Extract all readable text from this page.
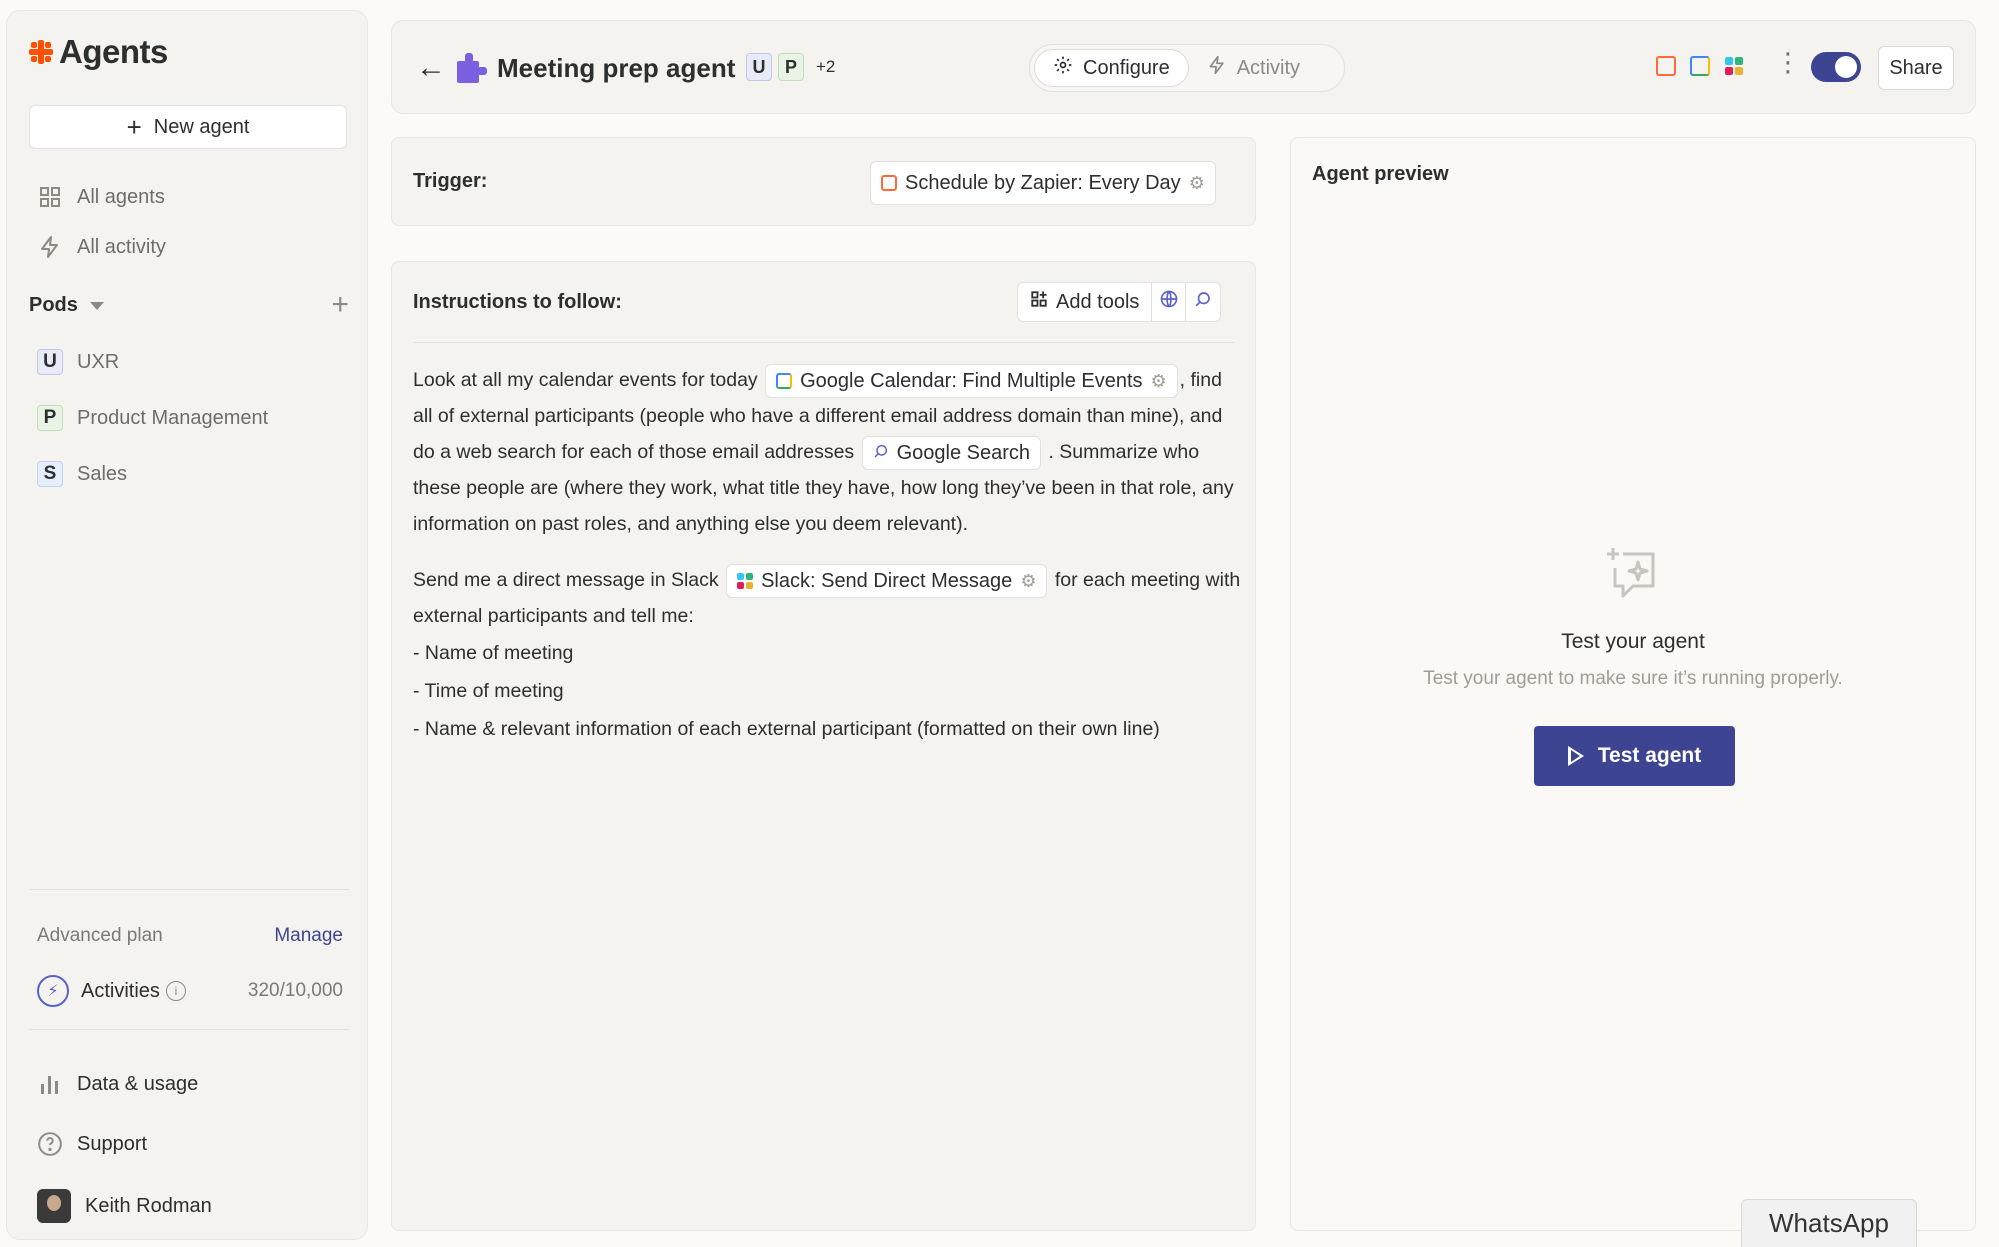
Agents
+ New agent
All agents
All activity
Pods	+
U	UXR
P	Product Management
S	Sales
Advanced plan	Manage
⚡	Activities	i	320/10,000
Data & usage
Support
Keith Rodman
← Meeting prep agent U	P	+2	Configure	Activity	⋮	Share
Trigger:	Schedule by Zapier: Every Day ⚙
Instructions to follow:	Add tools

Look at all my calendar events for today Google Calendar: Find Multiple Events ⚙ , find all of external participants (people who have a different email address domain than mine), and do a web search for each of those email addresses Google Search . Summarize who these people are (where they work, what title they have, how long they’ve been in that role, any information on past roles, and anything else you deem relevant).

Send me a direct message in Slack Slack: Send Direct Message ⚙ for each meeting with external participants and tell me:

- Name of meeting
- Time of meeting
- Name & relevant information of each external participant (formatted on their own line)
Agent preview
Test your agent
Test your agent to make sure it’s running properly.
Test agent
WhatsApp
